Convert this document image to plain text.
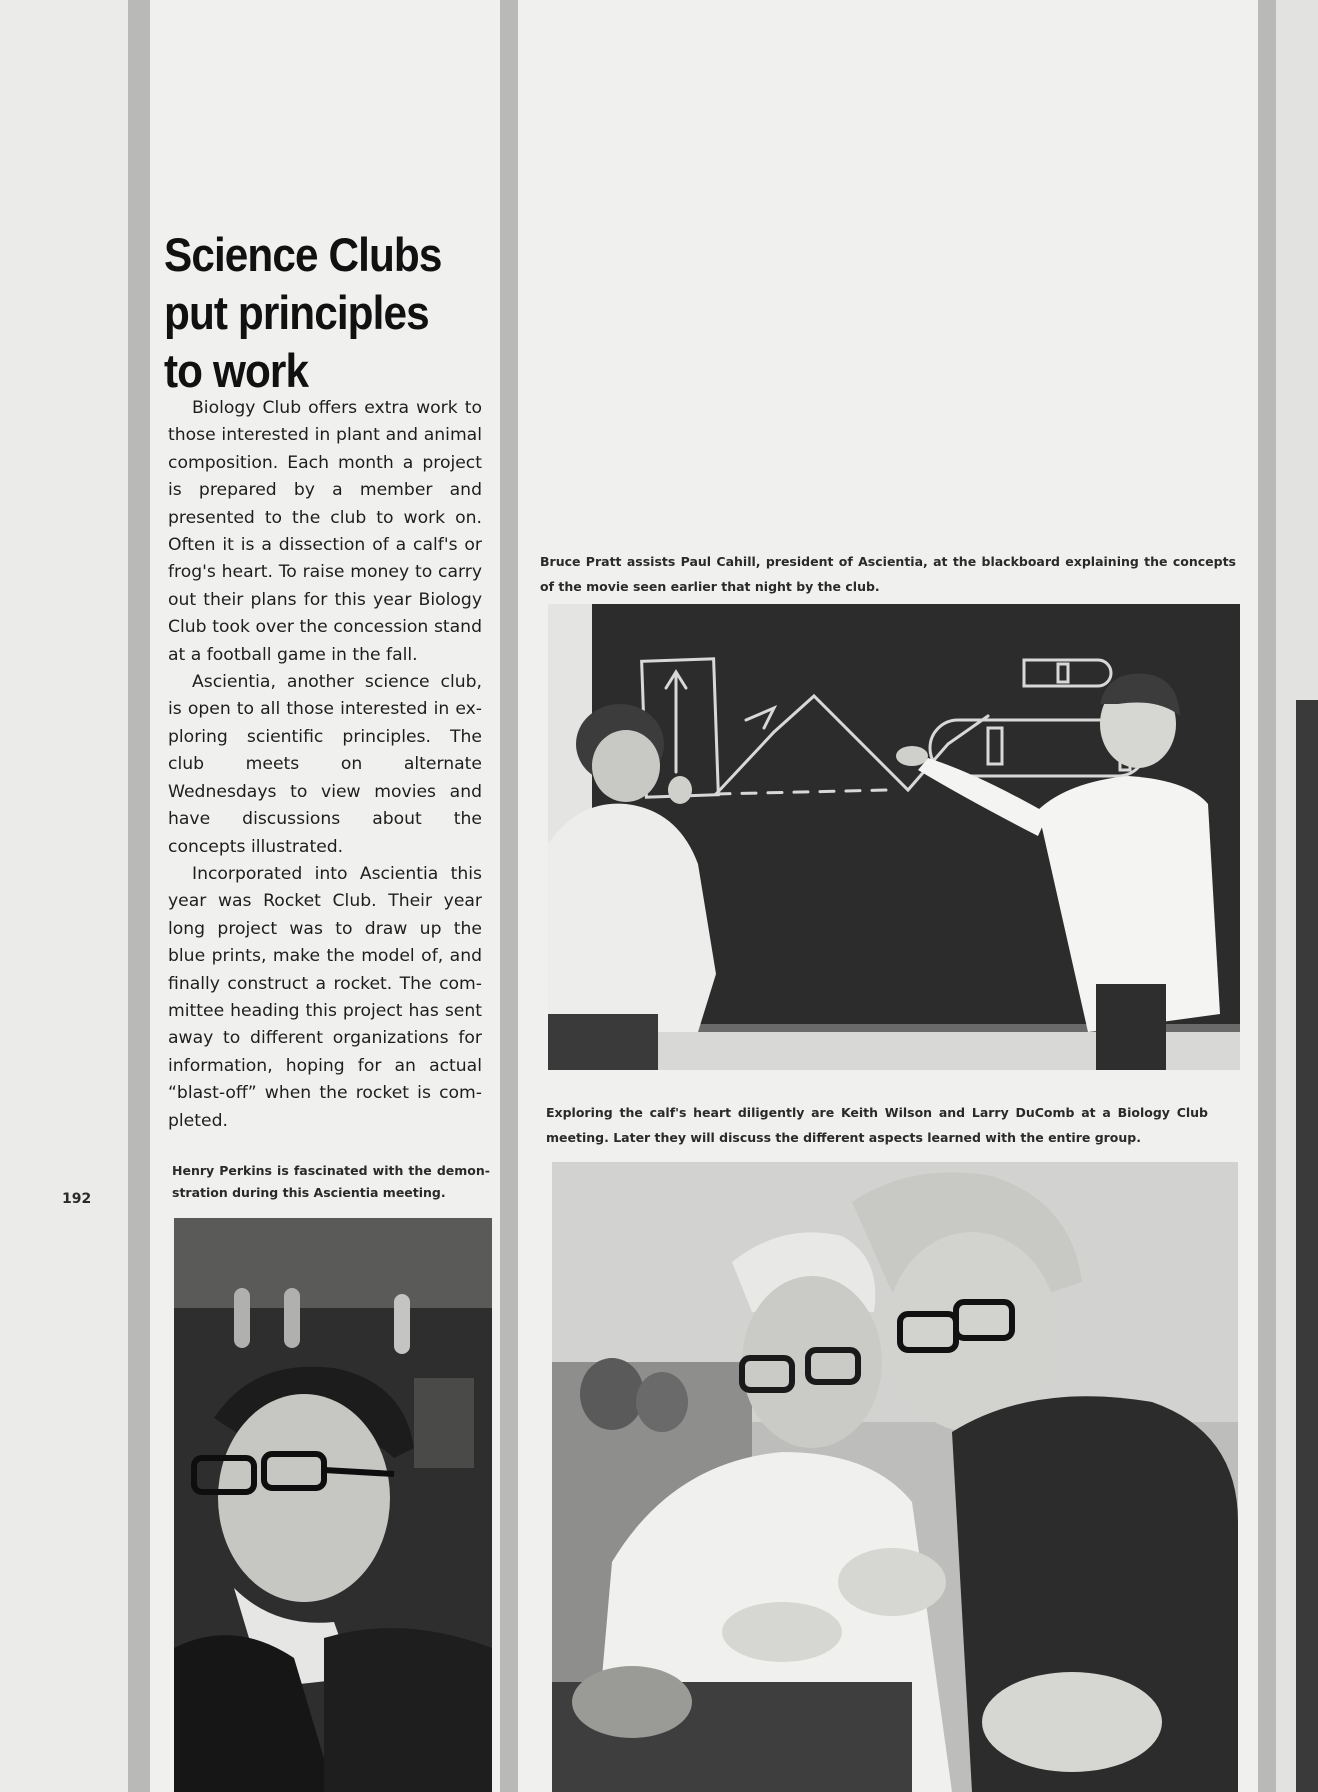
Science Clubs put principles to work

Biology Club offers extra work to those interested in plant and animal composition. Each month a project is prepared by a member and presented to the club to work on. Often it is a dissection of a calf's or frog's heart. To raise money to carry out their plans for this year Biology Club took over the concession stand at a football game in the fall.

Ascientia, another science club, is open to all those interested in exploring scientific principles. The club meets on alternate Wednesdays to view movies and have discussions about the concepts illustrated.

Incorporated into Ascientia this year was Rocket Club. Their year long project was to draw up the blue prints, make the model of, and finally construct a rocket. The committee heading this project has sent away to different organizations for information, hoping for an actual “blast-off” when the rocket is completed.

Henry Perkins is fascinated with the demonstration during this Ascientia meeting.

192

Bruce Pratt assists Paul Cahill, president of Ascientia, at the blackboard explaining the concepts of the movie seen earlier that night by the club.

Exploring the calf's heart diligently are Keith Wilson and Larry DuComb at a Biology Club meeting. Later they will discuss the different aspects learned with the entire group.
